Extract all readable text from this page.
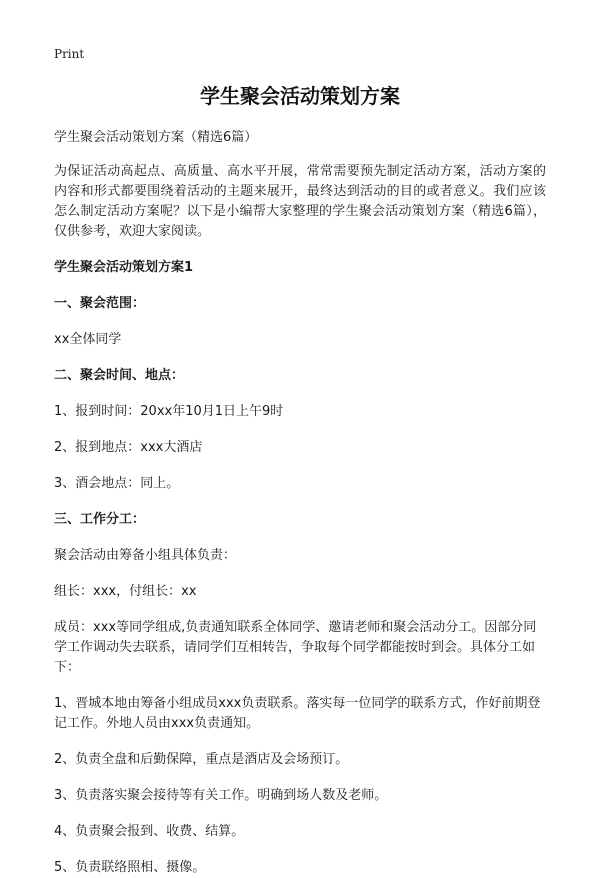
Print
学生聚会活动策划方案
学生聚会活动策划方案（精选6篇）
为保证活动高起点、高质量、高水平开展，常常需要预先制定活动方案，活动方案的内容和形式都要围绕着活动的主题来展开，最终达到活动的目的或者意义。我们应该怎么制定活动方案呢？以下是小编帮大家整理的学生聚会活动策划方案（精选6篇），仅供参考，欢迎大家阅读。
学生聚会活动策划方案1
一、聚会范围：
xx全体同学
二、聚会时间、地点：
1、报到时间：20xx年10月1日上午9时
2、报到地点：xxx大酒店
3、酒会地点：同上。
三、工作分工：
聚会活动由筹备小组具体负责：
组长：xxx，付组长：xx
成员：xxx等同学组成,负责通知联系全体同学、邀请老师和聚会活动分工。因部分同学工作调动失去联系，请同学们互相转告，争取每个同学都能按时到会。具体分工如下：
1、晋城本地由筹备小组成员xxx负责联系。落实每一位同学的联系方式，作好前期登记工作。外地人员由xxx负责通知。
2、负责全盘和后勤保障，重点是酒店及会场预订。
3、负责落实聚会接待等有关工作。明确到场人数及老师。
4、负责聚会报到、收费、结算。
5、负责联络照相、摄像。
